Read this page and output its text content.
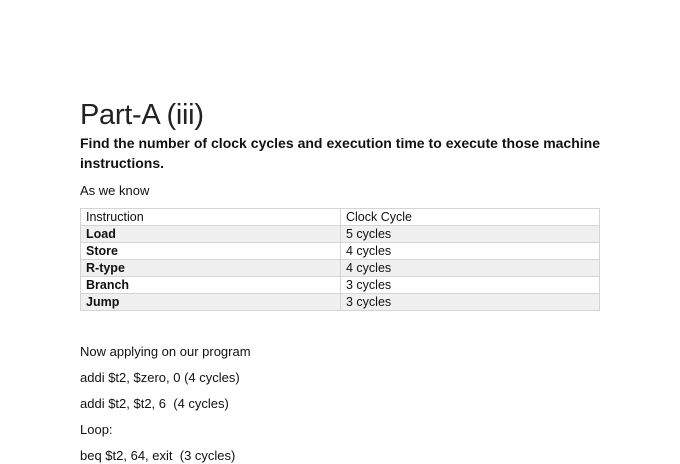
Part-A (iii)
Find the number of clock cycles and execution time to execute those machine instructions.
As we know
Instruction	Clock Cycle
Load	5 cycles
Store	4 cycles
R-type	4 cycles
Branch	3 cycles
Jump	3 cycles
Now applying on our program
addi $t2, $zero, 0 (4 cycles)
addi $t2, $t2, 6  (4 cycles)
Loop:
beq $t2, 64, exit  (3 cycles)
